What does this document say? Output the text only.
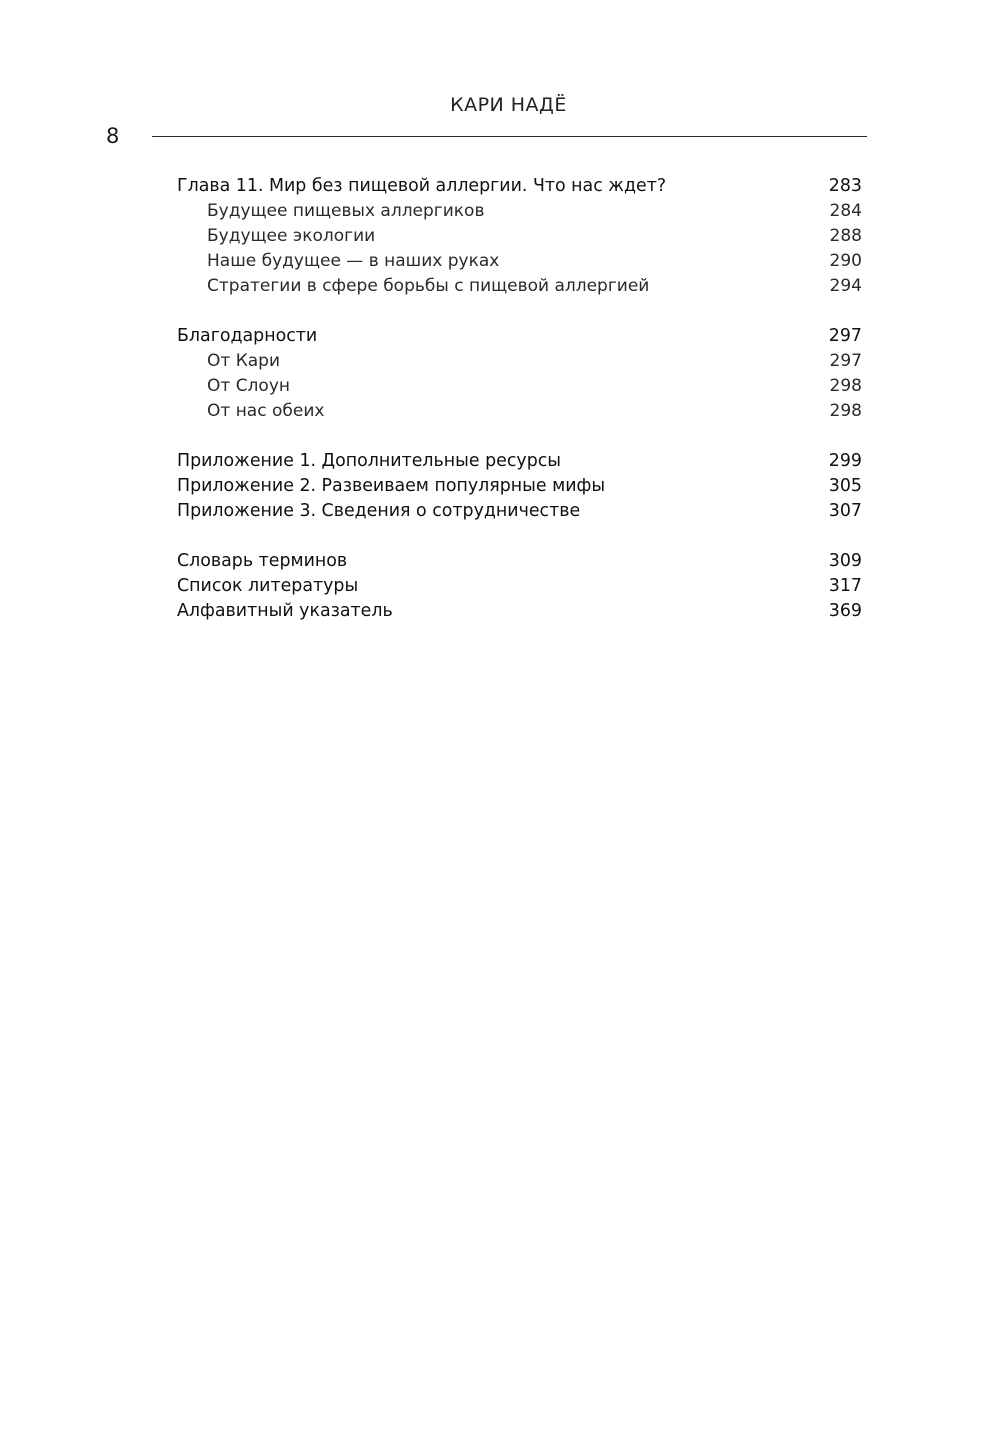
КАРИ НАДЁ
8
Глава 11. Мир без пищевой аллергии. Что нас ждет?	283
Будущее пищевых аллергиков	284
Будущее экологии	288
Наше будущее — в наших руках	290
Стратегии в сфере борьбы с пищевой аллергией	294
Благодарности	297
От Кари	297
От Слоун	298
От нас обеих	298
Приложение 1. Дополнительные ресурсы	299
Приложение 2. Развеиваем популярные мифы	305
Приложение 3. Сведения о сотрудничестве	307
Словарь терминов	309
Список литературы	317
Алфавитный указатель	369
